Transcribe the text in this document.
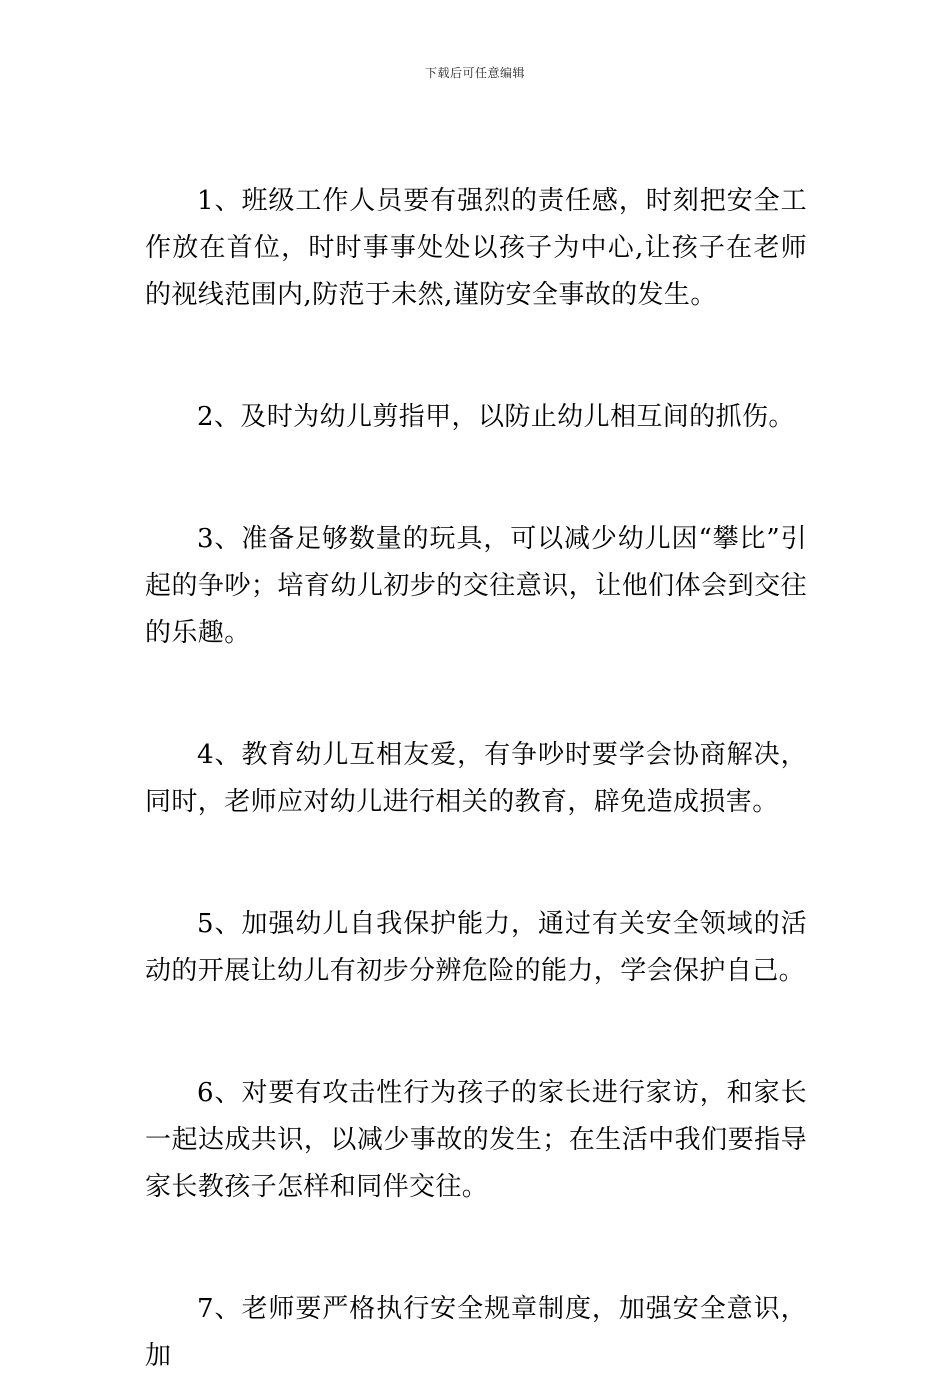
下载后可任意编辑

1、班级工作人员要有强烈的责任感，时刻把安全工作放在首位，时时事事处处以孩子为中心,让孩子在老师的视线范围内,防范于未然,谨防安全事故的发生。

2、及时为幼儿剪指甲，以防止幼儿相互间的抓伤。

3、准备足够数量的玩具，可以减少幼儿因“攀比”引起的争吵；培育幼儿初步的交往意识，让他们体会到交往的乐趣。

4、教育幼儿互相友爱，有争吵时要学会协商解决，同时，老师应对幼儿进行相关的教育，辟免造成损害。

5、加强幼儿自我保护能力，通过有关安全领域的活动的开展让幼儿有初步分辨危险的能力，学会保护自己。

6、对要有攻击性行为孩子的家长进行家访，和家长一起达成共识，以减少事故的发生；在生活中我们要指导家长教孩子怎样和同伴交往。

7、老师要严格执行安全规章制度，加强安全意识，加
